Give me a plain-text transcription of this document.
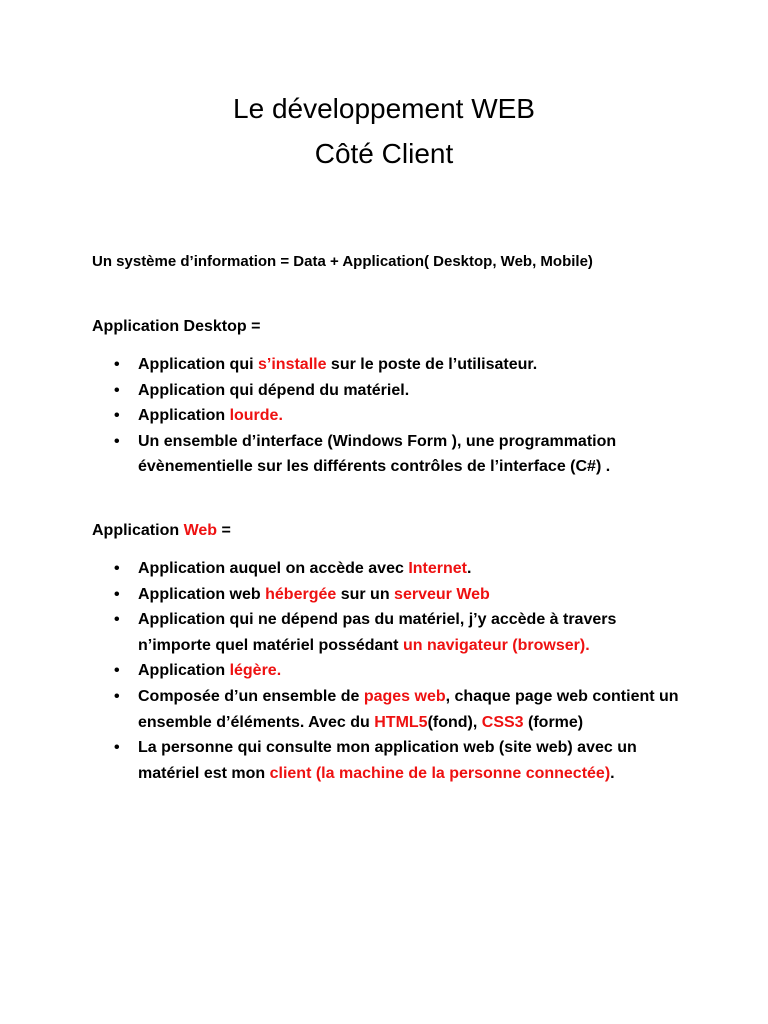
Le développement WEB
Côté Client
Un système d’information = Data + Application( Desktop, Web, Mobile)
Application Desktop =
• Application qui s’installe sur le poste de l’utilisateur.
• Application qui dépend du matériel.
• Application lourde.
• Un ensemble d’interface (Windows Form ), une programmation évènementielle sur les différents contrôles de l’interface (C#) .
Application Web =
• Application auquel on accède avec Internet.
• Application web hébergée sur un serveur Web
• Application qui ne dépend pas du matériel, j’y accède à travers n’importe quel matériel possédant un navigateur (browser).
• Application légère.
• Composée d’un ensemble de pages web, chaque page web contient un ensemble d’éléments. Avec du HTML5(fond), CSS3 (forme)
• La personne qui consulte mon application web (site web) avec un matériel est mon client (la machine de la personne connectée).
